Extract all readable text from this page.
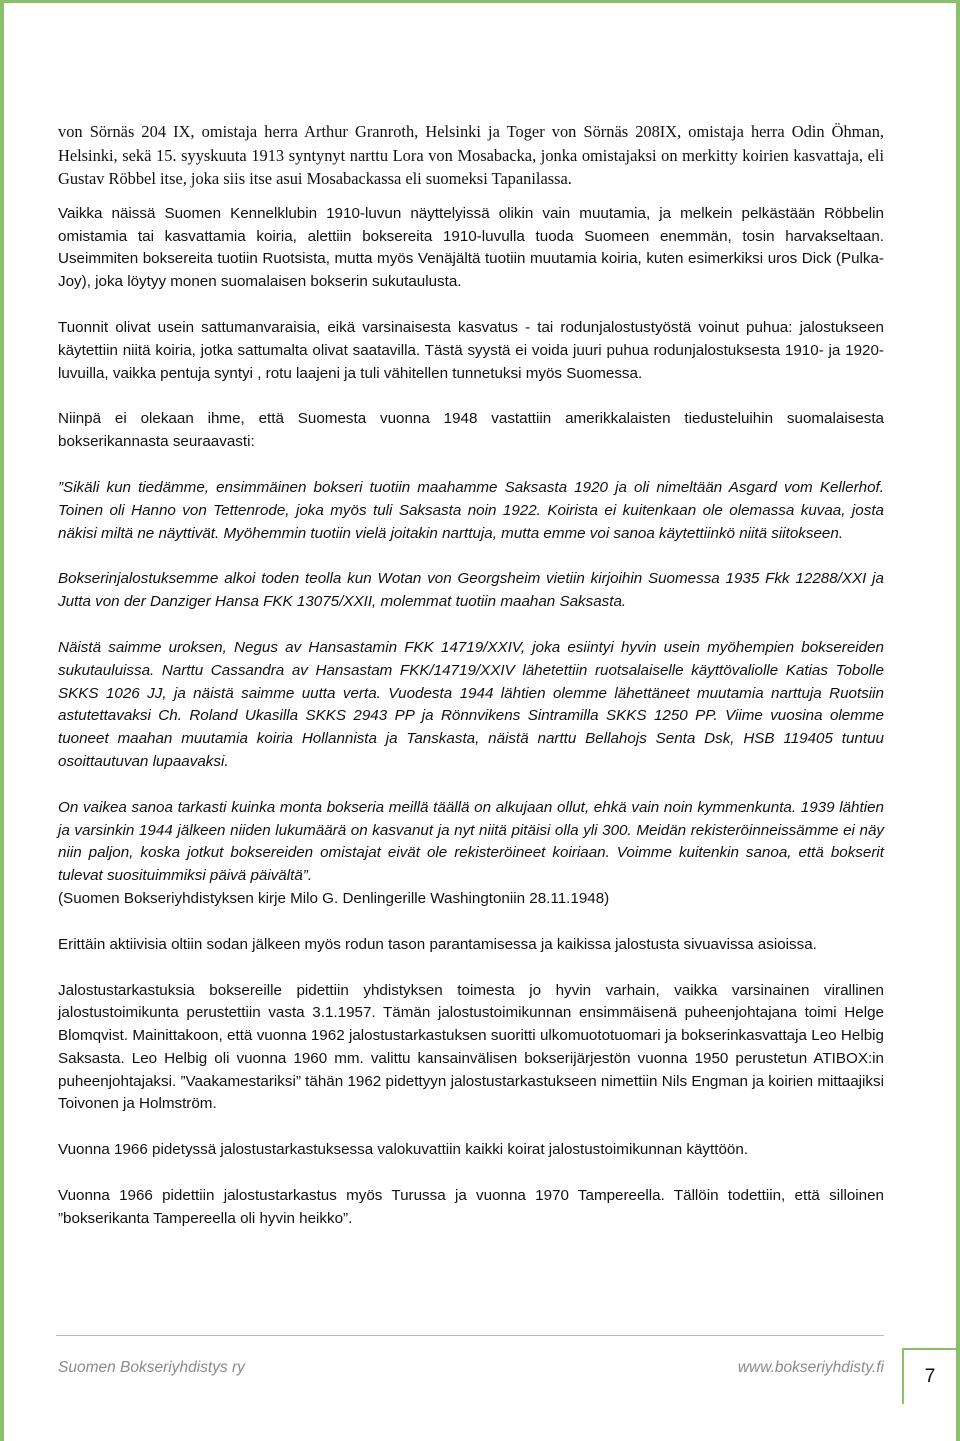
von Sörnäs 204 IX, omistaja herra Arthur Granroth, Helsinki ja Toger von Sörnäs 208IX, omistaja herra Odin Öhman, Helsinki, sekä 15. syyskuuta 1913 syntynyt narttu Lora von Mosabacka, jonka omistajaksi on merkitty koirien kasvattaja, eli Gustav Röbbel itse, joka siis itse asui Mosabackassa eli suomeksi Tapanilassa.

Vaikka näissä Suomen Kennelklubin 1910-luvun näyttelyissä olikin vain muutamia, ja melkein pelkästään Röbbelin omistamia tai kasvattamia koiria, alettiin boksereita 1910-luvulla tuoda Suomeen enemmän, tosin harvakseltaan. Useimmiten boksereita tuotiin Ruotsista, mutta myös Venäjältä tuotiin muutamia koiria, kuten esimerkiksi uros Dick (Pulka-Joy), joka löytyy monen suomalaisen bokserin sukutaulusta.

Tuonnit olivat usein sattumanvaraisia, eikä varsinaisesta kasvatus - tai rodunjalostustyöstä voinut puhua: jalostukseen käytettiin niitä koiria, jotka sattumalta olivat saatavilla. Tästä syystä ei voida juuri puhua rodunjalostuksesta 1910- ja 1920-luvuilla, vaikka pentuja syntyi , rotu laajeni ja tuli vähitellen tunnetuksi myös Suomessa.

Niinpä ei olekaan ihme, että Suomesta vuonna 1948 vastattiin amerikkalaisten tiedusteluihin suomalaisesta bokserikannasta seuraavasti:

”Sikäli kun tiedämme, ensimmäinen bokseri tuotiin maahamme Saksasta 1920 ja oli nimeltään Asgard vom Kellerhof. Toinen oli Hanno von Tettenrode, joka myös tuli Saksasta noin 1922. Koirista ei kuitenkaan ole olemassa kuvaa, josta näkisi miltä ne näyttivät. Myöhemmin tuotiin vielä joitakin narttuja, mutta emme voi sanoa käytettiinkö niitä siitokseen.

Bokserinjalostuksemme alkoi toden teolla kun Wotan von Georgsheim vietiin kirjoihin Suomessa 1935 Fkk 12288/XXI ja Jutta von der Danziger Hansa FKK 13075/XXII, molemmat tuotiin maahan Saksasta.

Näistä saimme uroksen, Negus av Hansastamin FKK 14719/XXIV, joka esiintyi hyvin usein myöhempien boksereiden sukutauluissa. Narttu Cassandra av Hansastam FKK/14719/XXIV lähetettiin ruotsalaiselle käyttövaliolle Katias Tobolle SKKS 1026 JJ, ja näistä saimme uutta verta. Vuodesta 1944 lähtien olemme lähettäneet muutamia narttuja Ruotsiin astutettavaksi Ch. Roland Ukasilla SKKS 2943 PP ja Rönnvikens Sintramilla SKKS 1250 PP. Viime vuosina olemme tuoneet maahan muutamia koiria Hollannista ja Tanskasta, näistä narttu Bellahojs Senta Dsk, HSB 119405 tuntuu osoittautuvan lupaavaksi.

On vaikea sanoa tarkasti kuinka monta bokseria meillä täällä on alkujaan ollut, ehkä vain noin kymmenkunta. 1939 lähtien ja varsinkin 1944 jälkeen niiden lukumäärä on kasvanut ja nyt niitä pitäisi olla yli 300. Meidän rekisteröinneissämme ei näy niin paljon, koska jotkut boksereiden omistajat eivät ole rekisteröineet koiriaan. Voimme kuitenkin sanoa, että bokserit tulevat suosituimmiksi päivä päivältä”.

(Suomen Bokseriyhdistyksen kirje Milo G. Denlingerille Washingtoniin 28.11.1948)

Erittäin aktiivisia oltiin sodan jälkeen myös rodun tason parantamisessa ja kaikissa jalostusta sivuavissa asioissa.

Jalostustarkastuksia boksereille pidettiin yhdistyksen toimesta jo hyvin varhain, vaikka varsinainen virallinen jalostustoimikunta perustettiin vasta 3.1.1957. Tämän jalostustoimikunnan ensimmäisenä puheenjohtajana toimi Helge Blomqvist. Mainittakoon, että vuonna 1962 jalostustarkastuksen suoritti ulkomuototuomari ja bokserinkasvattaja Leo Helbig Saksasta. Leo Helbig oli vuonna 1960 mm. valittu kansainvälisen bokserijärjestön vuonna 1950 perustetun ATIBOX:in puheenjohtajaksi. ”Vaakamestariksi” tähän 1962 pidettyyn jalostustarkastukseen nimettiin Nils Engman ja koirien mittaajiksi Toivonen ja Holmström.

Vuonna 1966 pidetyssä jalostustarkastuksessa valokuvattiin kaikki koirat jalostustoimikunnan käyttöön.

Vuonna 1966 pidettiin jalostustarkastus myös Turussa ja vuonna 1970 Tampereella. Tällöin todettiin, että silloinen ”bokserikanta Tampereella oli hyvin heikko”.

Suomen Bokseriyhdistys ry	www.bokseriyhdisty.fi	7
